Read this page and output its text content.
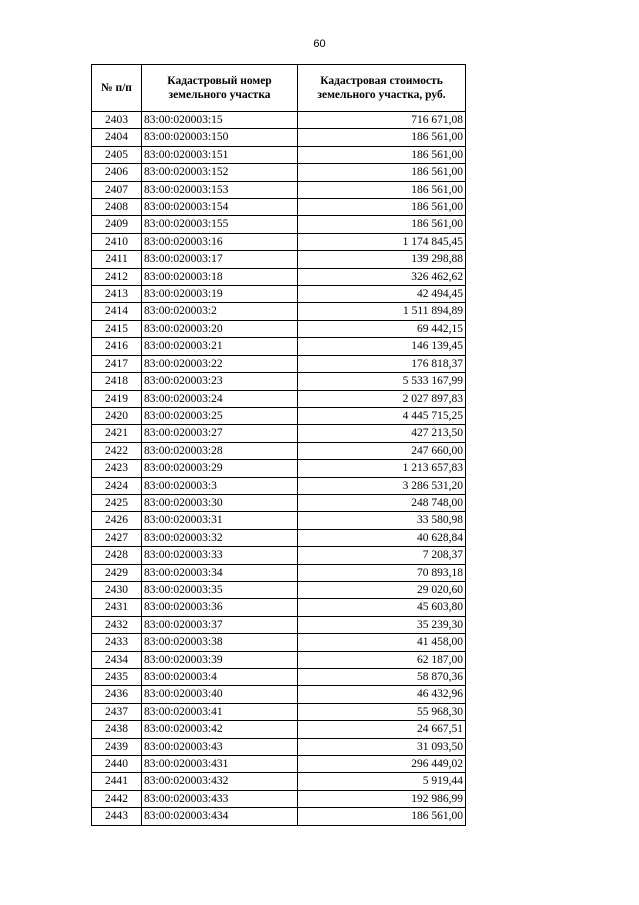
60
№ п/п	Кадастровый номер земельного участка	Кадастровая стоимость земельного участка, руб.
2403	83:00:020003:15	716 671,08
2404	83:00:020003:150	186 561,00
2405	83:00:020003:151	186 561,00
2406	83:00:020003:152	186 561,00
2407	83:00:020003:153	186 561,00
2408	83:00:020003:154	186 561,00
2409	83:00:020003:155	186 561,00
2410	83:00:020003:16	1 174 845,45
2411	83:00:020003:17	139 298,88
2412	83:00:020003:18	326 462,62
2413	83:00:020003:19	42 494,45
2414	83:00:020003:2	1 511 894,89
2415	83:00:020003:20	69 442,15
2416	83:00:020003:21	146 139,45
2417	83:00:020003:22	176 818,37
2418	83:00:020003:23	5 533 167,99
2419	83:00:020003:24	2 027 897,83
2420	83:00:020003:25	4 445 715,25
2421	83:00:020003:27	427 213,50
2422	83:00:020003:28	247 660,00
2423	83:00:020003:29	1 213 657,83
2424	83:00:020003:3	3 286 531,20
2425	83:00:020003:30	248 748,00
2426	83:00:020003:31	33 580,98
2427	83:00:020003:32	40 628,84
2428	83:00:020003:33	7 208,37
2429	83:00:020003:34	70 893,18
2430	83:00:020003:35	29 020,60
2431	83:00:020003:36	45 603,80
2432	83:00:020003:37	35 239,30
2433	83:00:020003:38	41 458,00
2434	83:00:020003:39	62 187,00
2435	83:00:020003:4	58 870,36
2436	83:00:020003:40	46 432,96
2437	83:00:020003:41	55 968,30
2438	83:00:020003:42	24 667,51
2439	83:00:020003:43	31 093,50
2440	83:00:020003:431	296 449,02
2441	83:00:020003:432	5 919,44
2442	83:00:020003:433	192 986,99
2443	83:00:020003:434	186 561,00
